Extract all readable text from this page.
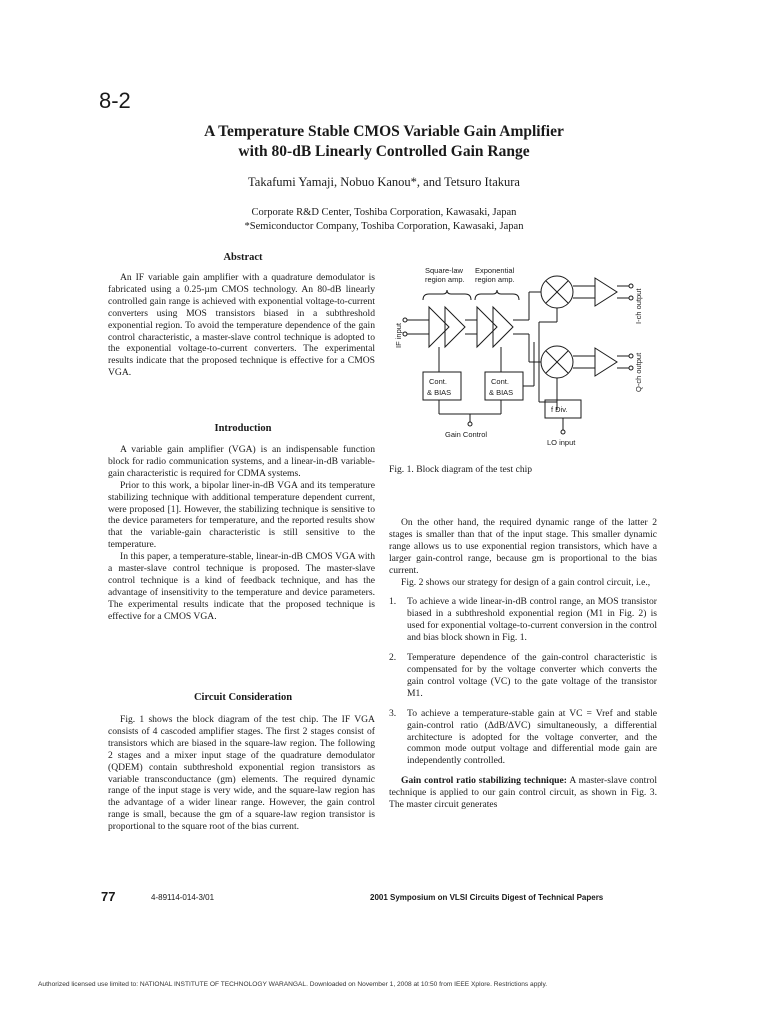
8-2
A Temperature Stable CMOS Variable Gain Amplifier
with 80-dB Linearly Controlled Gain Range
Takafumi Yamaji, Nobuo Kanou*, and Tetsuro Itakura
Corporate R&D Center, Toshiba Corporation, Kawasaki, Japan
*Semiconductor Company, Toshiba Corporation, Kawasaki, Japan
Abstract

An IF variable gain amplifier with a quadrature demodulator is fabricated using a 0.25-µm CMOS technology. An 80-dB linearly controlled gain range is achieved with exponential voltage-to-current converters using MOS transistors biased in a subthreshold exponential region. To avoid the temperature dependence of the gain control characteristic, a master-slave control technique is adopted to the exponential voltage-to-current converters. The experimental results indicate that the proposed technique is effective for a CMOS VGA.

Introduction

A variable gain amplifier (VGA) is an indispensable function block for radio communication systems, and a linear-in-dB variable-gain characteristic is required for CDMA systems.

Prior to this work, a bipolar liner-in-dB VGA and its temperature stabilizing technique with additional temperature dependent current, were proposed [1]. However, the stabilizing technique is sensitive to the device parameters for temperature, and the reported results show that the variable-gain characteristic is still sensitive to the temperature.

In this paper, a temperature-stable, linear-in-dB CMOS VGA with a master-slave control technique is proposed. The master-slave control technique is a kind of feedback technique, and has the advantage of insensitivity to the temperature and device parameters. The experimental results indicate that the proposed technique is effective for a CMOS VGA.

Circuit Consideration

Fig. 1 shows the block diagram of the test chip. The IF VGA consists of 4 cascoded amplifier stages. The first 2 stages consist of transistors which are biased in the square-law region. The following 2 stages and a mixer input stage of the quadrature demodulator (QDEM) contain subthreshold exponential region transistors as variable transconductance (gm) elements. The required dynamic range of the input stage is very wide, and the square-law region has the advantage of a wider linear range. However, the gain control range is small, because the gm of a square-law region transistor is proportional to the square root of the bias current.

Square-law
region amp.
Exponential
region amp.
Cont.
& BIAS
Cont.
& BIAS
f Div.
Gain Control
LO input
IF input
I-ch output
Q-ch output
Fig. 1. Block diagram of the test chip

On the other hand, the required dynamic range of the latter 2 stages is smaller than that of the input stage. This smaller dynamic range allows us to use exponential region transistors, which have a larger gain-control range, because gm is proportional to the bias current.

Fig. 2 shows our strategy for design of a gain control circuit, i.e.,

1. To achieve a wide linear-in-dB control range, an MOS transistor biased in a subthreshold exponential region (M1 in Fig. 2) is used for exponential voltage-to-current conversion in the control and bias block shown in Fig. 1.
2. Temperature dependence of the gain-control characteristic is compensated for by the voltage converter which converts the gain control voltage (VC) to the gate voltage of the transistor M1.
3. To achieve a temperature-stable gain at VC = Vref and stable gain-control ratio (ΔdB/ΔVC) simultaneously, a differential architecture is adopted for the voltage converter, and the common mode output voltage and differential mode gain are independently controlled.

Gain control ratio stabilizing technique: A master-slave control technique is applied to our gain control circuit, as shown in Fig. 3. The master circuit generates

77	4-89114-014-3/01	2001 Symposium on VLSI Circuits Digest of Technical Papers
Authorized licensed use limited to: NATIONAL INSTITUTE OF TECHNOLOGY WARANGAL. Downloaded on November 1, 2008 at 10:50 from IEEE Xplore. Restrictions apply.
